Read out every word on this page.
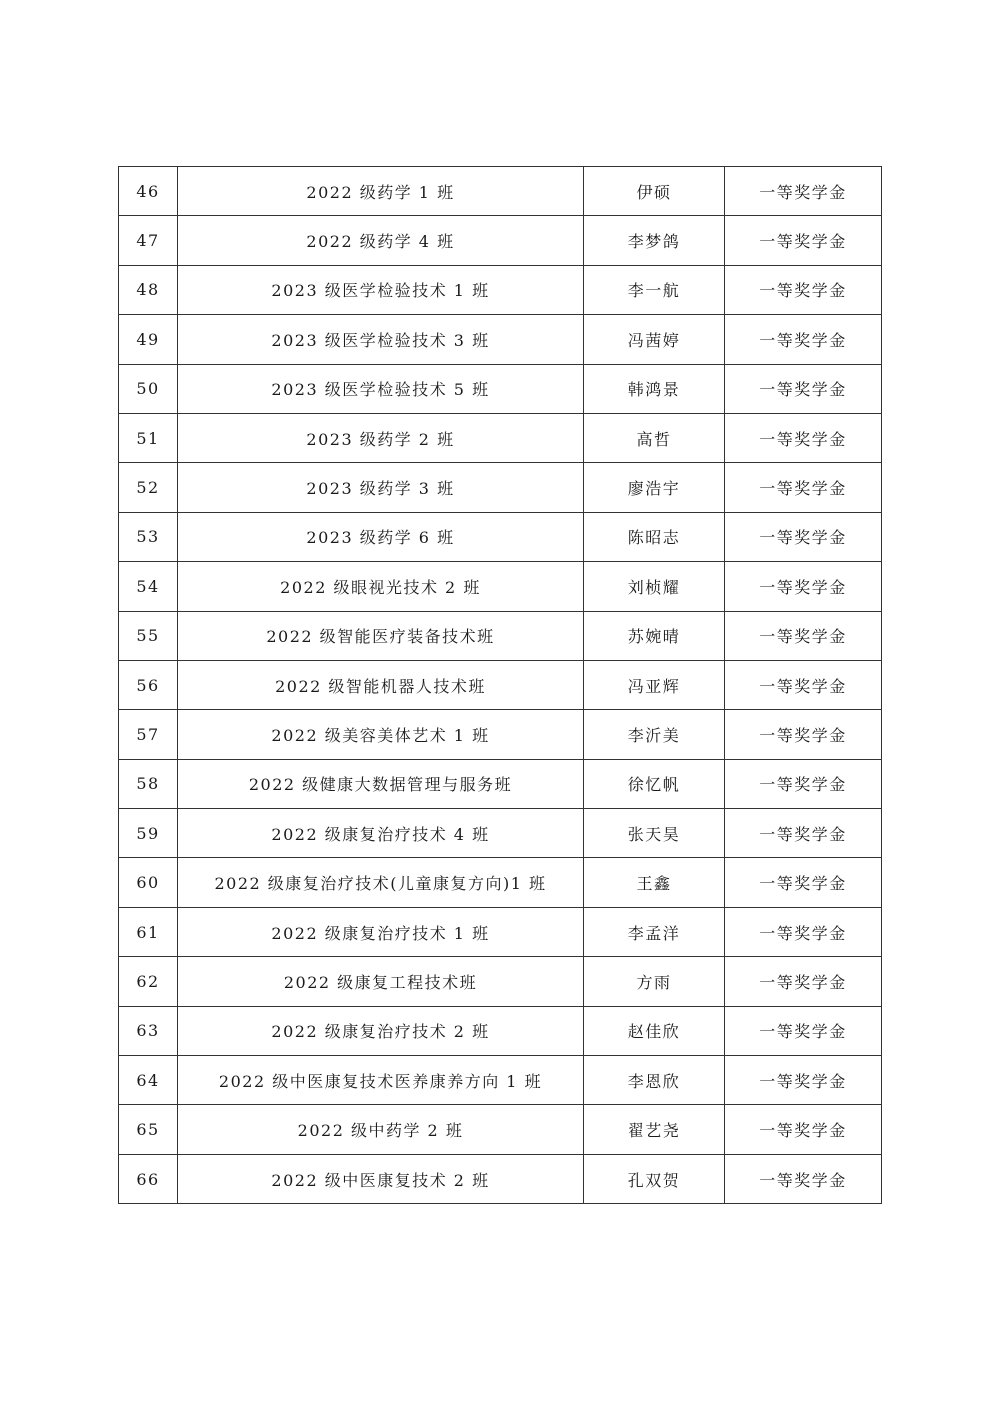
46	2022 级药学 1 班	伊硕	一等奖学金
47	2022 级药学 4 班	李梦鸽	一等奖学金
48	2023 级医学检验技术 1 班	李一航	一等奖学金
49	2023 级医学检验技术 3 班	冯茜婷	一等奖学金
50	2023 级医学检验技术 5 班	韩鸿景	一等奖学金
51	2023 级药学 2 班	高哲	一等奖学金
52	2023 级药学 3 班	廖浩宇	一等奖学金
53	2023 级药学 6 班	陈昭志	一等奖学金
54	2022 级眼视光技术 2 班	刘桢耀	一等奖学金
55	2022 级智能医疗装备技术班	苏婉晴	一等奖学金
56	2022 级智能机器人技术班	冯亚辉	一等奖学金
57	2022 级美容美体艺术 1 班	李沂美	一等奖学金
58	2022 级健康大数据管理与服务班	徐忆帆	一等奖学金
59	2022 级康复治疗技术 4 班	张天昊	一等奖学金
60	2022 级康复治疗技术(儿童康复方向)1 班	王鑫	一等奖学金
61	2022 级康复治疗技术 1 班	李孟洋	一等奖学金
62	2022 级康复工程技术班	方雨	一等奖学金
63	2022 级康复治疗技术 2 班	赵佳欣	一等奖学金
64	2022 级中医康复技术医养康养方向 1 班	李恩欣	一等奖学金
65	2022 级中药学 2 班	翟艺尧	一等奖学金
66	2022 级中医康复技术 2 班	孔双贺	一等奖学金
